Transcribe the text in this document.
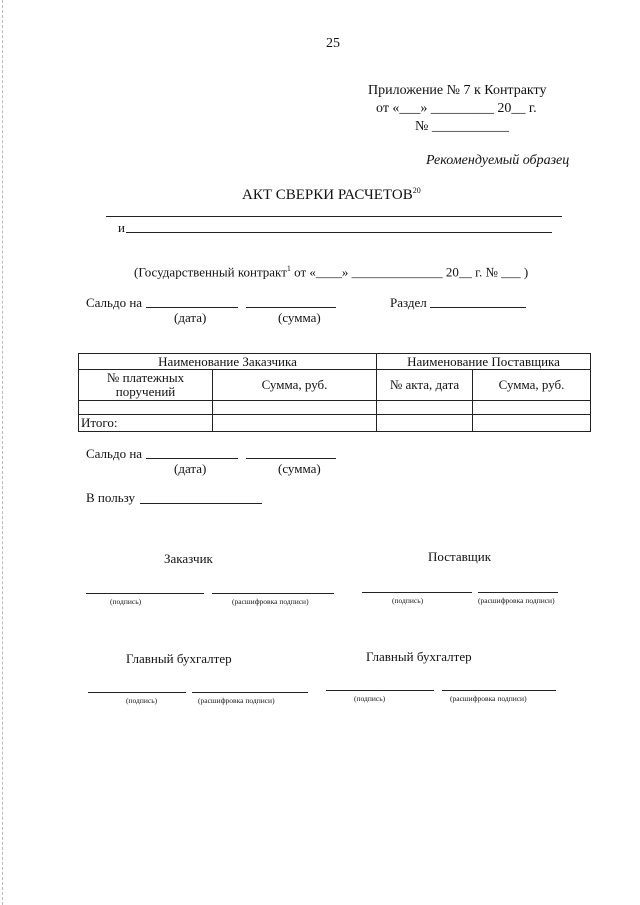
25
Приложение № 7 к Контракту
от «___» _________ 20__ г.
№ ___________
Рекомендуемый образец
АКТ СВЕРКИ РАСЧЕТОВ$^{20}$
и
(Государственный контракт$^1$ от «____» ______________ 20__ г. № ___ )
Сальдо на
(дата)	(сумма)
Раздел
Наименование Заказчика		Наименование Поставщика	
№ платежных
поручений	Сумма, руб.	№ акта, дата	Сумма, руб.

Итого:			
Сальдо на
(дата)	(сумма)
В пользу
Заказчик	Поставщик
(подпись)	(расшифровка подписи)	(подпись)	(расшифровка подписи)
Главный бухгалтер	Главный бухгалтер
(подпись)	(расшифровка подписи)	(подпись)	(расшифровка подписи)
